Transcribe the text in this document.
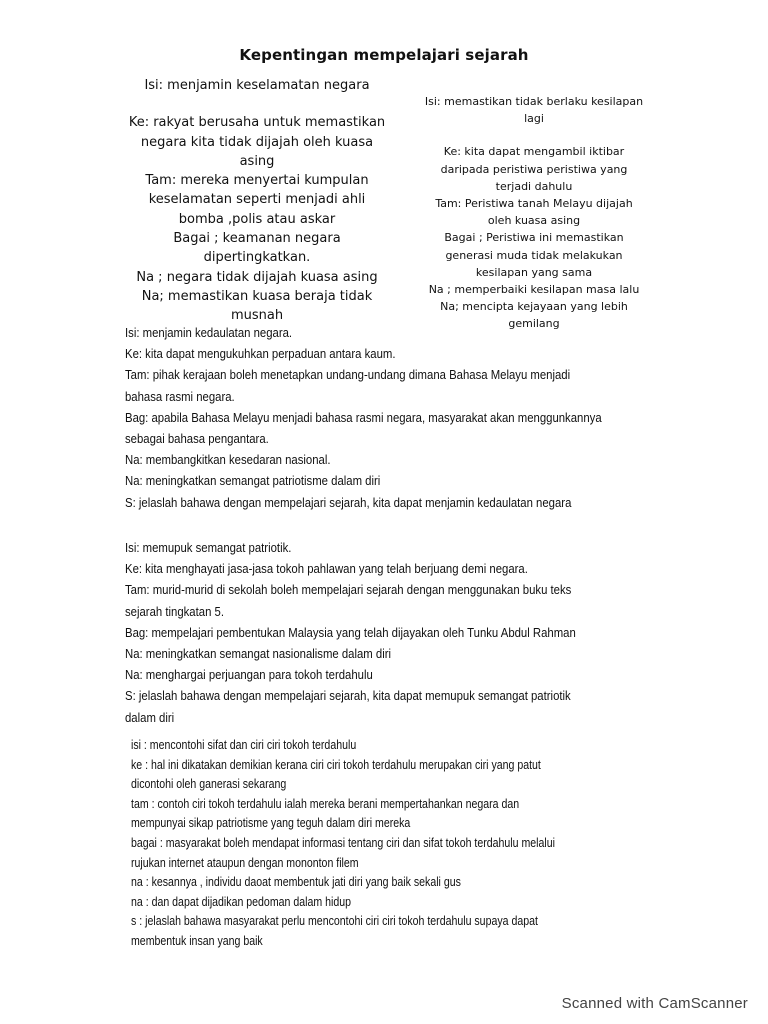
Kepentingan mempelajari sejarah
Isi: menjamin keselamatan negara
Ke: rakyat berusaha untuk memastikan
negara kita tidak dijajah oleh kuasa
asing
Tam: mereka menyertai kumpulan
keselamatan seperti menjadi ahli
bomba ,polis atau askar
Bagai ; keamanan negara
dipertingkatkan.
Na ; negara tidak dijajah kuasa asing
Na; memastikan kuasa beraja tidak
musnah
Isi: memastikan tidak berlaku kesilapan
lagi
Ke: kita dapat mengambil iktibar
daripada peristiwa peristiwa yang
terjadi dahulu
Tam: Peristiwa tanah Melayu dijajah
oleh kuasa asing
Bagai ; Peristiwa ini memastikan
generasi muda tidak melakukan
kesilapan yang sama
Na ; memperbaiki kesilapan masa lalu
Na; mencipta kejayaan yang lebih
gemilang
Isi: menjamin kedaulatan negara.
Ke: kita dapat mengukuhkan perpaduan antara kaum.
Tam: pihak kerajaan boleh menetapkan undang-undang dimana Bahasa Melayu menjadi
bahasa rasmi negara.
Bag: apabila Bahasa Melayu menjadi bahasa rasmi negara, masyarakat akan menggunkannya
sebagai bahasa pengantara.
Na: membangkitkan kesedaran nasional.
Na: meningkatkan semangat patriotisme dalam diri
S: jelaslah bahawa dengan mempelajari sejarah, kita dapat menjamin kedaulatan negara
Isi: memupuk semangat patriotik.
Ke: kita menghayati jasa-jasa tokoh pahlawan yang telah berjuang demi negara.
Tam: murid-murid di sekolah boleh mempelajari sejarah dengan menggunakan buku teks
sejarah tingkatan 5.
Bag: mempelajari pembentukan Malaysia yang telah dijayakan oleh Tunku Abdul Rahman
Na: meningkatkan semangat nasionalisme dalam diri
Na: menghargai perjuangan para tokoh terdahulu
S: jelaslah bahawa dengan mempelajari sejarah, kita dapat memupuk semangat patriotik
dalam diri
isi : mencontohi sifat dan ciri ciri tokoh terdahulu
ke : hal ini dikatakan demikian kerana ciri ciri tokoh terdahulu merupakan ciri yang patut
dicontohi oleh ganerasi sekarang
tam : contoh ciri tokoh terdahulu ialah mereka berani mempertahankan negara dan
mempunyai sikap patriotisme yang teguh dalam diri mereka
bagai : masyarakat boleh mendapat informasi tentang ciri dan sifat tokoh terdahulu melalui
rujukan internet ataupun dengan mononton filem
na : kesannya , individu daoat membentuk jati diri yang baik sekali gus
na : dan dapat dijadikan pedoman dalam hidup
s : jelaslah bahawa masyarakat perlu mencontohi ciri ciri tokoh terdahulu supaya dapat
membentuk insan yang baik
Scanned with CamScanner
